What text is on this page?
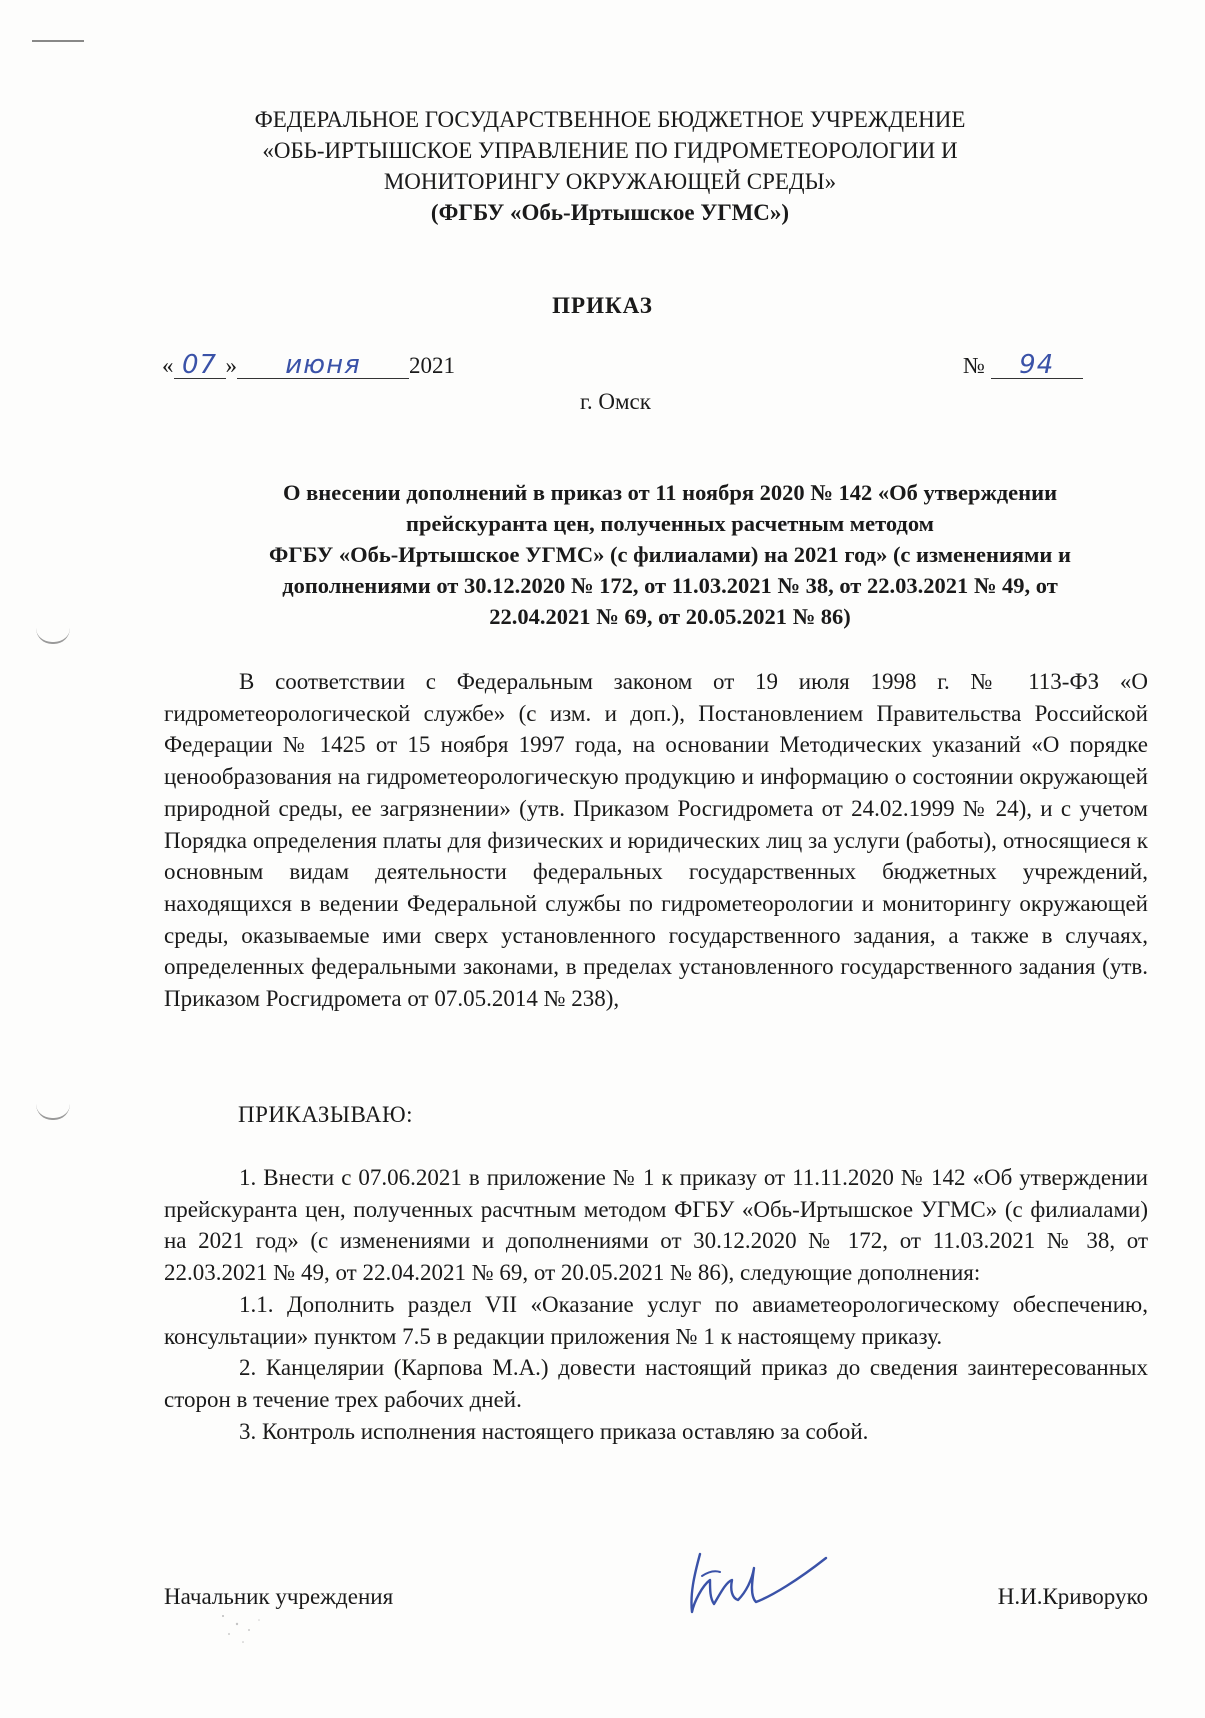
ФЕДЕРАЛЬНОЕ ГОСУДАРСТВЕННОЕ БЮДЖЕТНОЕ УЧРЕЖДЕНИЕ
«ОБЬ-ИРТЫШСКОЕ УПРАВЛЕНИЕ ПО ГИДРОМЕТЕОРОЛОГИИ И
МОНИТОРИНГУ ОКРУЖАЮЩЕЙ СРЕДЫ»
(ФГБУ «Обь-Иртышское УГМС»)
ПРИКАЗ
« 07 » июня 2021	№ 94
г. Омск
О внесении дополнений в приказ от 11 ноября 2020 № 142 «Об утверждении
прейскуранта цен, полученных расчетным методом
ФГБУ «Обь-Иртышское УГМС» (с филиалами) на 2021 год» (с изменениями и
дополнениями от 30.12.2020 № 172, от 11.03.2021 № 38, от 22.03.2021 № 49, от
22.04.2021 № 69, от 20.05.2021 № 86)

В соответствии с Федеральным законом от 19 июля 1998 г. № 113-ФЗ «О гидрометеорологической службе» (с изм. и доп.), Постановлением Правительства Российской Федерации № 1425 от 15 ноября 1997 года, на основании Методических указаний «О порядке ценообразования на гидрометеорологическую продукцию и информацию о состоянии окружающей природной среды, ее загрязнении» (утв. Приказом Росгидромета от 24.02.1999 № 24), и с учетом Порядка определения платы для физических и юридических лиц за услуги (работы), относящиеся к основным видам деятельности федеральных государственных бюджетных учреждений, находящихся в ведении Федеральной службы по гидрометеорологии и мониторингу окружающей среды, оказываемые ими сверх установленного государственного задания, а также в случаях, определенных федеральными законами, в пределах установленного государственного задания (утв. Приказом Росгидромета от 07.05.2014 № 238),

ПРИКАЗЫВАЮ:

1. Внести с 07.06.2021 в приложение № 1 к приказу от 11.11.2020 № 142 «Об утверждении прейскуранта цен, полученных расчтным методом ФГБУ «Обь-Иртышское УГМС» (с филиалами) на 2021 год» (с изменениями и дополнениями от 30.12.2020 № 172, от 11.03.2021 № 38, от 22.03.2021 № 49, от 22.04.2021 № 69, от 20.05.2021 № 86), следующие дополнения:

1.1. Дополнить раздел VII «Оказание услуг по авиаметеорологическому обеспечению, консультации» пунктом 7.5 в редакции приложения № 1 к настоящему приказу.

2. Канцелярии (Карпова М.А.) довести настоящий приказ до сведения заинтересованных сторон в течение трех рабочих дней.

3. Контроль исполнения настоящего приказа оставляю за собой.

Начальник учреждения	Н.И.Криворуко
